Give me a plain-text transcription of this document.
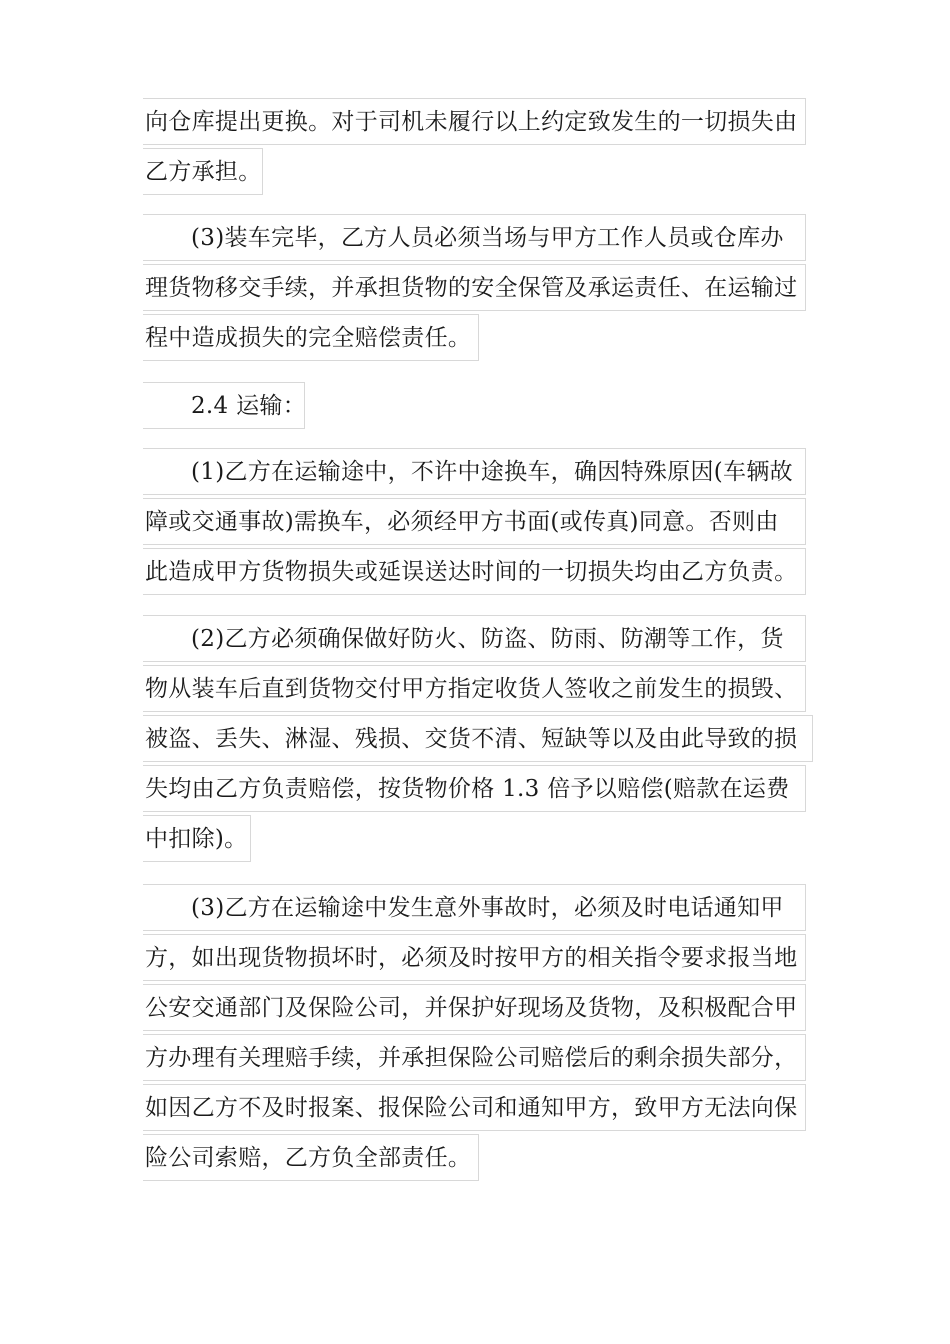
向仓库提出更换。对于司机未履行以上约定致发生的一切损失由
乙方承担。
(3)装车完毕，乙方人员必须当场与甲方工作人员或仓库办
理货物移交手续，并承担货物的安全保管及承运责任、在运输过
程中造成损失的完全赔偿责任。
2.4 运输：
(1)乙方在运输途中，不许中途换车，确因特殊原因(车辆故
障或交通事故)需换车，必须经甲方书面(或传真)同意。否则由
此造成甲方货物损失或延误送达时间的一切损失均由乙方负责。
(2)乙方必须确保做好防火、防盗、防雨、防潮等工作，货
物从装车后直到货物交付甲方指定收货人签收之前发生的损毁、
被盗、丢失、淋湿、残损、交货不清、短缺等以及由此导致的损
失均由乙方负责赔偿，按货物价格 1.3 倍予以赔偿(赔款在运费
中扣除)。
(3)乙方在运输途中发生意外事故时，必须及时电话通知甲
方，如出现货物损坏时，必须及时按甲方的相关指令要求报当地
公安交通部门及保险公司，并保护好现场及货物，及积极配合甲
方办理有关理赔手续，并承担保险公司赔偿后的剩余损失部分，
如因乙方不及时报案、报保险公司和通知甲方，致甲方无法向保
险公司索赔，乙方负全部责任。
